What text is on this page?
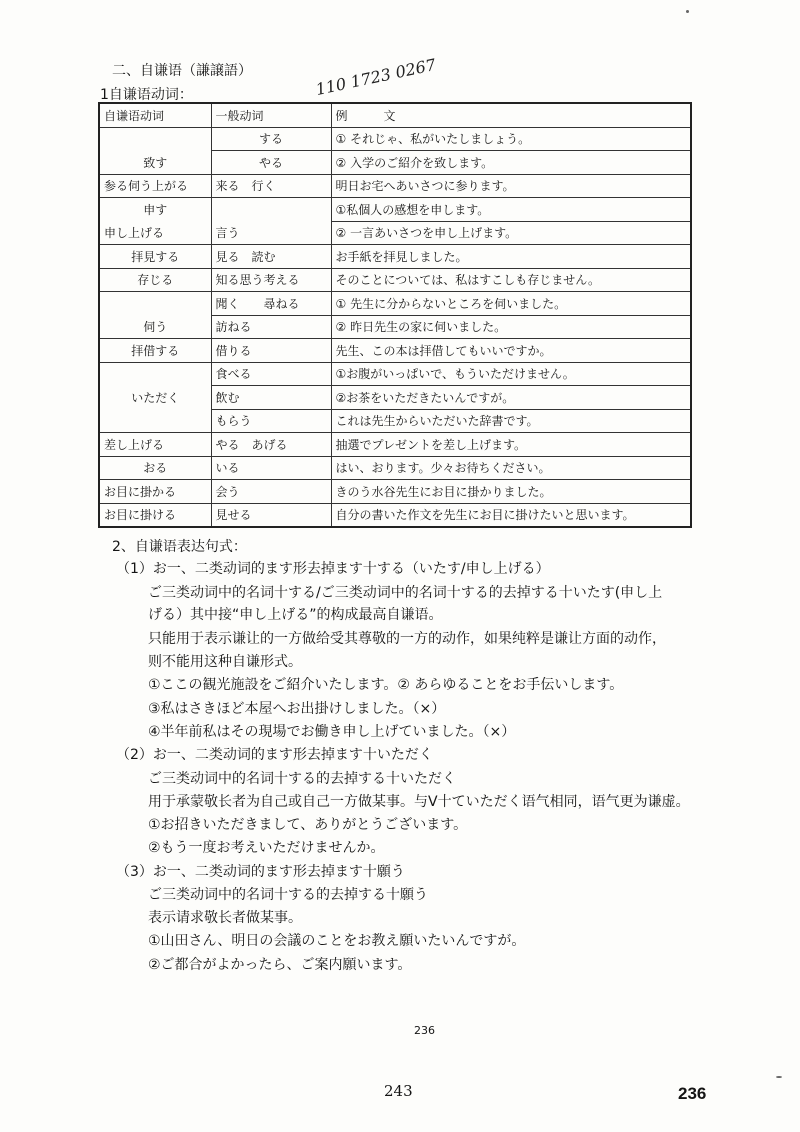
二、自谦语（謙譲語）
1自谦语动词：	110 1723 0267
自谦语动词	一般动词	例　　　文
	する	① それじゃ、私がいたしましょう。
致す	やる	② 入学のご紹介を致します。
参る伺う上がる	来る　行く	明日お宅へあいさつに参ります。
申す		①私個人の感想を申します。
申し上げる	言う	② 一言あいさつを申し上げます。
拝見する	見る　読む	お手紙を拝見しました。
存じる	知る思う考える	そのことについては、私はすこしも存じません。
	聞く　　尋ねる	① 先生に分からないところを伺いました。
伺う	訪ねる	② 昨日先生の家に伺いました。
拝借する	借りる	先生、この本は拝借してもいいですか。
	食べる	①お腹がいっぱいで、もういただけません。
いただく	飲む	②お茶をいただきたいんですが。
	もらう	これは先生からいただいた辞書です。
差し上げる	やる　あげる	抽選でプレゼントを差し上げます。
おる	いる	はい、おります。少々お待ちください。
お目に掛かる	会う	きのう水谷先生にお目に掛かりました。
お目に掛ける	見せる	自分の書いた作文を先生にお目に掛けたいと思います。
2、自谦语表达句式：
（1）お一、二类动词的ます形去掉ます十する（いたす/申し上げる）
ご三类动词中的名词十する/ご三类动词中的名词十する的去掉する十いたす(申し上
げる）其中接“申し上げる”的构成最高自谦语。
只能用于表示谦让的一方做给受其尊敬的一方的动作，如果纯粹是谦让方面的动作，
则不能用这种自谦形式。
①ここの観光施設をご紹介いたします。② あらゆることをお手伝いします。
③私はさきほど本屋へお出掛けしました。（×）
④半年前私はその現場でお働き申し上げていました。（×）
（2）お一、二类动词的ます形去掉ます十いただく
ご三类动词中的名词十する的去掉する十いただく
用于承蒙敬长者为自己或自己一方做某事。与V十ていただく语气相同，语气更为谦虚。
①お招きいただきまして、ありがとうございます。
②もう一度お考えいただけませんか。
（3）お一、二类动词的ます形去掉ます十願う
ご三类动词中的名词十する的去掉する十願う
表示请求敬长者做某事。
①山田さん、明日の会議のことをお教え願いたいんですが。
②ご都合がよかったら、ご案内願います。
236
243	236
